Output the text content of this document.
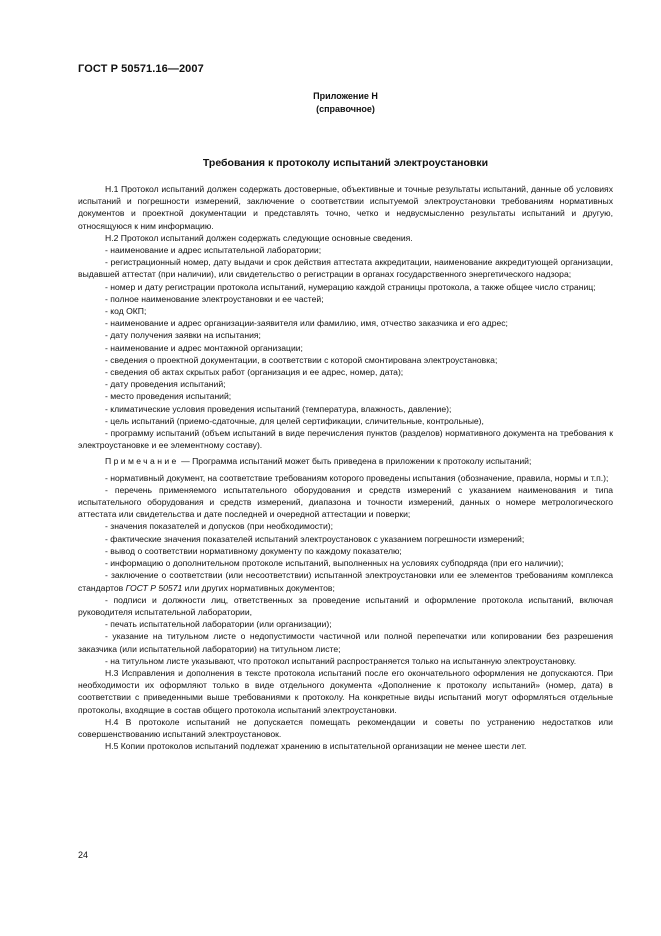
ГОСТ Р 50571.16—2007
Приложение Н
(справочное)
Требования к протоколу испытаний электроустановки

Н.1 Протокол испытаний должен содержать достоверные, объективные и точные результаты испытаний, данные об условиях испытаний и погрешности измерений, заключение о соответствии испытуемой электроустановки требованиям нормативных документов и проектной документации и представлять точно, четко и недвусмысленно результаты испытаний и другую, относящуюся к ним информацию.

Н.2 Протокол испытаний должен содержать следующие основные сведения.

- наименование и адрес испытательной лаборатории;

- регистрационный номер, дату выдачи и срок действия аттестата аккредитации, наименование аккредитующей организации, выдавшей аттестат (при наличии), или свидетельство о регистрации в органах государственного энергетического надзора;

- номер и дату регистрации протокола испытаний, нумерацию каждой страницы протокола, а также общее число страниц;

- полное наименование электроустановки и ее частей;

- код ОКП;

- наименование и адрес организации-заявителя или фамилию, имя, отчество заказчика и его адрес;

- дату получения заявки на испытания;

- наименование и адрес монтажной организации;

- сведения о проектной документации, в соответствии с которой смонтирована электроустановка;

- сведения об актах скрытых работ (организация и ее адрес, номер, дата);

- дату проведения испытаний;

- место проведения испытаний;

- климатические условия проведения испытаний (температура, влажность, давление);

- цель испытаний (приемо-сдаточные, для целей сертификации, сличительные, контрольные),

- программу испытаний (объем испытаний в виде перечисления пунктов (разделов) нормативного документа на требования к электроустановке и ее элементному составу).

Примечание — Программа испытаний может быть приведена в приложении к протоколу испытаний;

- нормативный документ, на соответствие требованиям которого проведены испытания (обозначение, правила, нормы и т.п.);

- перечень применяемого испытательного оборудования и средств измерений с указанием наименования и типа испытательного оборудования и средств измерений, диапазона и точности измерений, данных о номере метрологического аттестата или свидетельства и дате последней и очередной аттестации и поверки;

- значения показателей и допусков (при необходимости);

- фактические значения показателей испытаний электроустановок с указанием погрешности измерений;

- вывод о соответствии нормативному документу по каждому показателю;

- информацию о дополнительном протоколе испытаний, выполненных на условиях субподряда (при его наличии);

- заключение о соответствии (или несоответствии) испытанной электроустановки или ее элементов требованиям комплекса стандартов ГОСТ Р 50571 или других нормативных документов;

- подписи и должности лиц, ответственных за проведение испытаний и оформление протокола испытаний, включая руководителя испытательной лаборатории,

- печать испытательной лаборатории (или организации);

- указание на титульном листе о недопустимости частичной или полной перепечатки или копировании без разрешения заказчика (или испытательной лаборатории) на титульном листе;

- на титульном листе указывают, что протокол испытаний распространяется только на испытанную электроустановку.

Н.3 Исправления и дополнения в тексте протокола испытаний после его окончательного оформления не допускаются. При необходимости их оформляют только в виде отдельного документа «Дополнение к протоколу испытаний» (номер, дата) в соответствии с приведенными выше требованиями к протоколу. На конкретные виды испытаний могут оформляться отдельные протоколы, входящие в состав общего протокола испытаний электроустановки.

Н.4 В протоколе испытаний не допускается помещать рекомендации и советы по устранению недостатков или совершенствованию испытаний электроустановок.

Н.5 Копии протоколов испытаний подлежат хранению в испытательной организации не менее шести лет.

24
